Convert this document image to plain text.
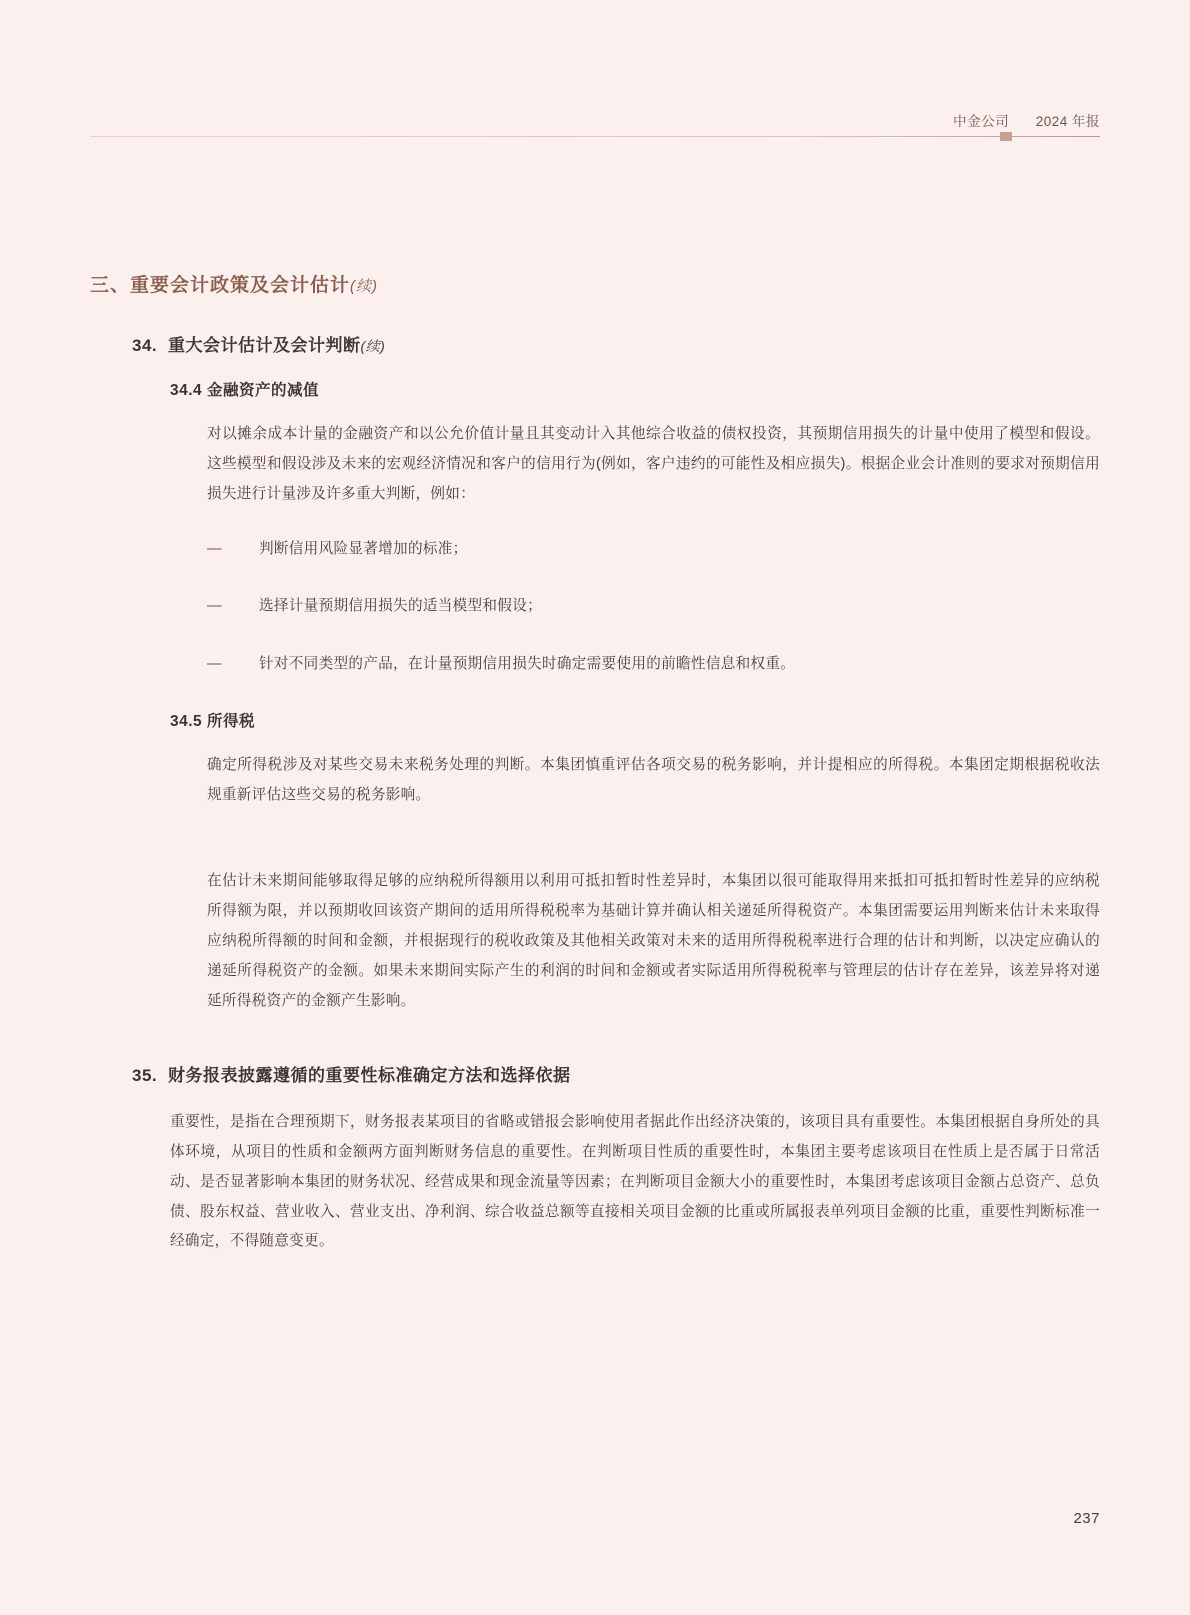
中金公司 2024 年报
三、重要会计政策及会计估计(续)
34. 重大会计估计及会计判断(续)
34.4 金融资产的减值

对以摊余成本计量的金融资产和以公允价值计量且其变动计入其他综合收益的债权投资，其预期信用损失的计量中使用了模型和假设。这些模型和假设涉及未来的宏观经济情况和客户的信用行为(例如，客户违约的可能性及相应损失)。根据企业会计准则的要求对预期信用损失进行计量涉及许多重大判断，例如：

—	判断信用风险显著增加的标准；
—	选择计量预期信用损失的适当模型和假设；
—	针对不同类型的产品，在计量预期信用损失时确定需要使用的前瞻性信息和权重。
34.5 所得税

确定所得税涉及对某些交易未来税务处理的判断。本集团慎重评估各项交易的税务影响，并计提相应的所得税。本集团定期根据税收法规重新评估这些交易的税务影响。

在估计未来期间能够取得足够的应纳税所得额用以利用可抵扣暂时性差异时，本集团以很可能取得用来抵扣可抵扣暂时性差异的应纳税所得额为限，并以预期收回该资产期间的适用所得税税率为基础计算并确认相关递延所得税资产。本集团需要运用判断来估计未来取得应纳税所得额的时间和金额，并根据现行的税收政策及其他相关政策对未来的适用所得税税率进行合理的估计和判断，以决定应确认的递延所得税资产的金额。如果未来期间实际产生的利润的时间和金额或者实际适用所得税税率与管理层的估计存在差异，该差异将对递延所得税资产的金额产生影响。

35. 财务报表披露遵循的重要性标准确定方法和选择依据

重要性，是指在合理预期下，财务报表某项目的省略或错报会影响使用者据此作出经济决策的，该项目具有重要性。本集团根据自身所处的具体环境，从项目的性质和金额两方面判断财务信息的重要性。在判断项目性质的重要性时，本集团主要考虑该项目在性质上是否属于日常活动、是否显著影响本集团的财务状况、经营成果和现金流量等因素；在判断项目金额大小的重要性时，本集团考虑该项目金额占总资产、总负债、股东权益、营业收入、营业支出、净利润、综合收益总额等直接相关项目金额的比重或所属报表单列项目金额的比重，重要性判断标准一经确定，不得随意变更。

237
